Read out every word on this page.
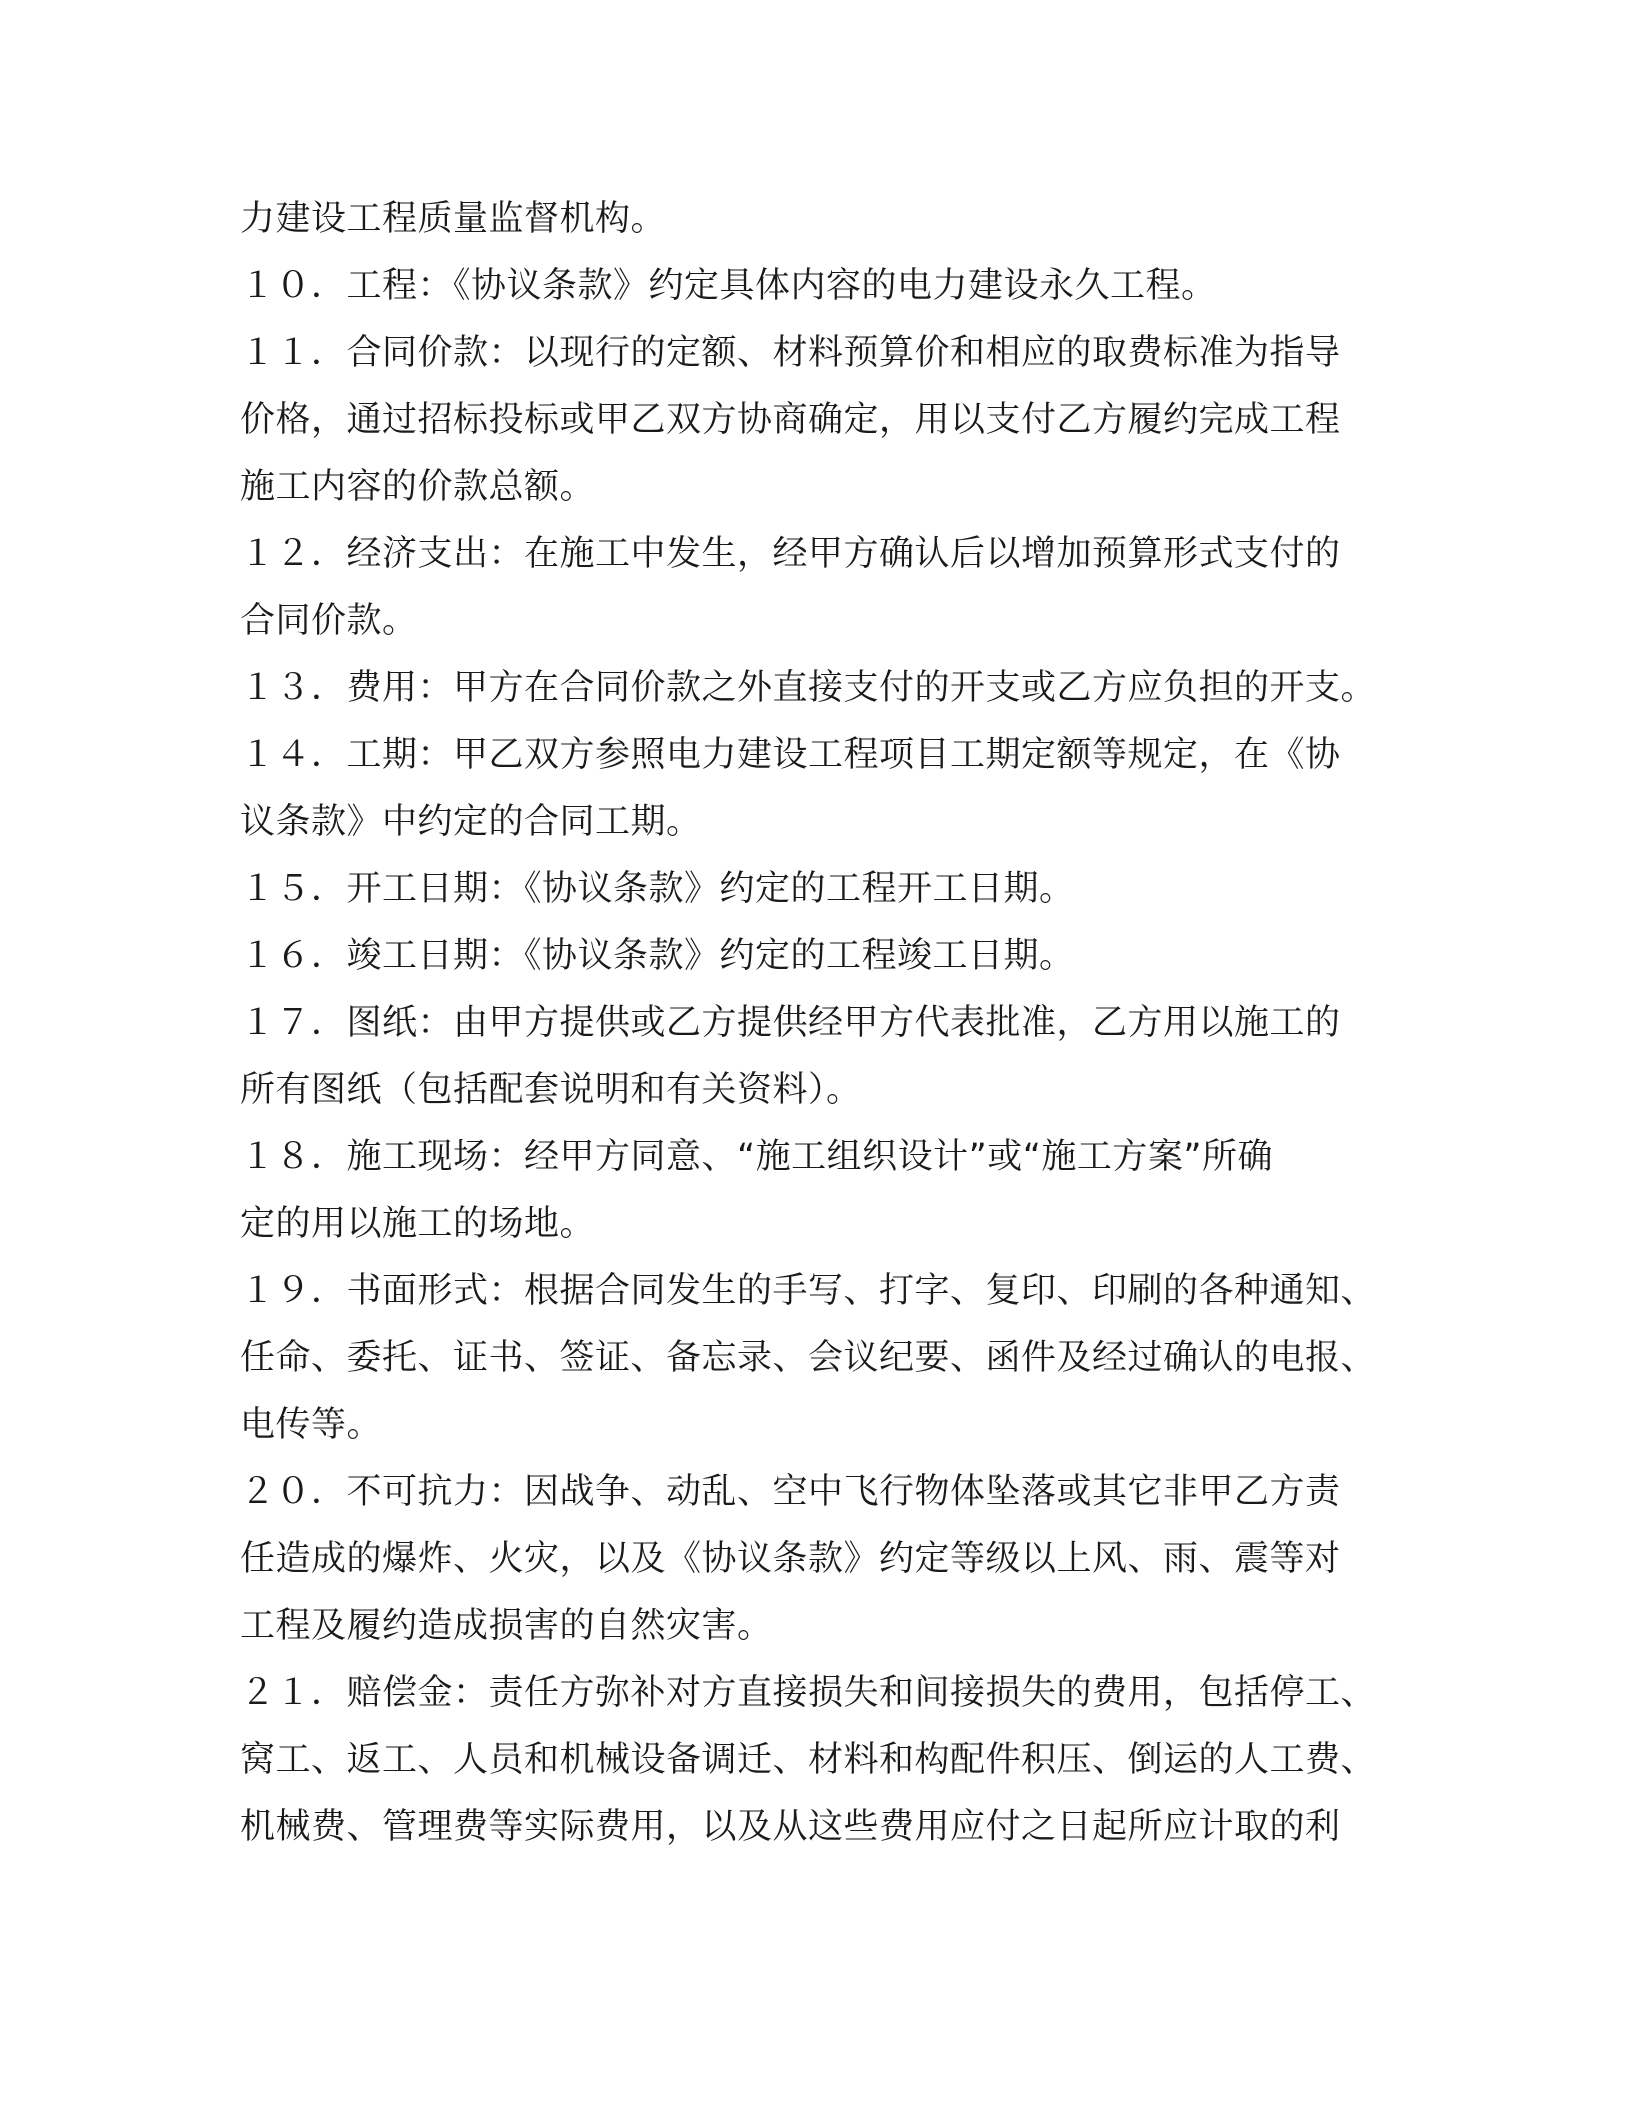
力建设工程质量监督机构。
１０．工程：《协议条款》约定具体内容的电力建设永久工程。
１１．合同价款：以现行的定额、材料预算价和相应的取费标准为指导
价格，通过招标投标或甲乙双方协商确定，用以支付乙方履约完成工程
施工内容的价款总额。
１２．经济支出：在施工中发生，经甲方确认后以增加预算形式支付的
合同价款。
１３．费用：甲方在合同价款之外直接支付的开支或乙方应负担的开支。
１４．工期：甲乙双方参照电力建设工程项目工期定额等规定，在《协
议条款》中约定的合同工期。
１５．开工日期：《协议条款》约定的工程开工日期。
１６．竣工日期：《协议条款》约定的工程竣工日期。
１７．图纸：由甲方提供或乙方提供经甲方代表批准，乙方用以施工的
所有图纸（包括配套说明和有关资料）。
１８．施工现场：经甲方同意、“施工组织设计”或“施工方案”所确
定的用以施工的场地。
１９．书面形式：根据合同发生的手写、打字、复印、印刷的各种通知、
任命、委托、证书、签证、备忘录、会议纪要、函件及经过确认的电报、
电传等。
２０．不可抗力：因战争、动乱、空中飞行物体坠落或其它非甲乙方责
任造成的爆炸、火灾，以及《协议条款》约定等级以上风、雨、震等对
工程及履约造成损害的自然灾害。
２１．赔偿金：责任方弥补对方直接损失和间接损失的费用，包括停工、
窝工、返工、人员和机械设备调迁、材料和构配件积压、倒运的人工费、
机械费、管理费等实际费用，以及从这些费用应付之日起所应计取的利
